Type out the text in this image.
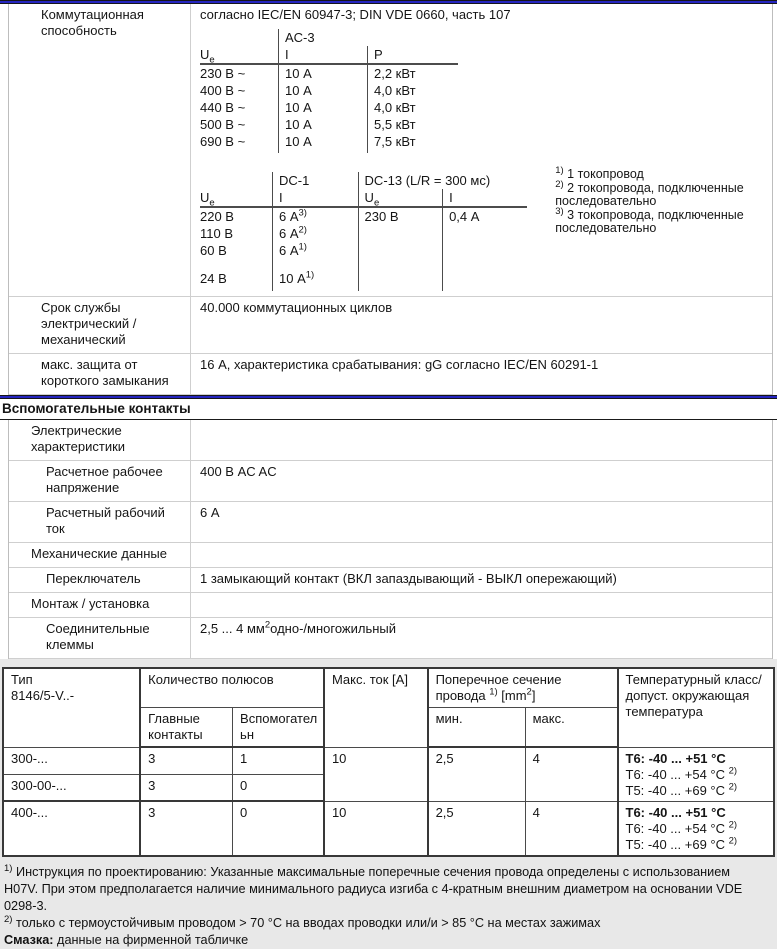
Коммутационная способность
согласно IEC/EN 60947-3; DIN VDE 0660, часть 107
	AC-3	
$U_e$	I	P
230 В ~	10 А	2,2 кВт
400 В ~	10 А	4,0 кВт
440 В ~	10 А	4,0 кВт
500 В ~	10 А	5,5 кВт
690 В ~	10 А	7,5 кВт
	DC-1	DC-13 (L/R = 300 мс)	
$U_e$	I	$U_e$	I
220 В	6 $А^{3)}$	230 В	0,4 А
110 В	6 $А^{2)}$		
60 В	6 $А^{1)}$		
24 В	10 $А^{1)}$		
$^{1)}$ 1 токопровод
$^{2)}$ 2 токопровода, подключенные последовательно
$^{3)}$ 3 токопровода, подключенные последовательно
Срок службы электрический / механический
40.000 коммутационных циклов
макс. защита от короткого замыкания
16 А, характеристика срабатывания: gG согласно IEC/EN 60291-1
Вспомогательные контакты
Электрические характеристики
Расчетное рабочее напряжение
400 В AC AC
Расчетный рабочий ток
6 А
Механические данные
Переключатель	1 замыкающий контакт (ВКЛ запаздывающий - ВЫКЛ опережающий)
Монтаж / установка
Соединительные клеммы
2,5 ... 4 $мм^2одно-$/многожильный
Тип
8146/5-V..-	Количество полюсов		Макс. ток [А]	Поперечное сечение провода $^{1)}$ $[mm^2]$		Температурный класс/ допуст. окружающая температура
	Главные контакты	Вспомогательн		мин.	макс.	
300-...	3	1	10	2,5	4	T6: -40 ... +51 °C
T6: -40 ... +54 °C $^{2)}$
T5: -40 ... +69 °C $^{2)}$

300-00-...	3	0				
400-...	3	0	10	2,5	4	T6: -40 ... +51 °C
T6: -40 ... +54 °C $^{2)}$
T5: -40 ... +69 °C $^{2)}$
$^{1)}$ Инструкция по проектированию: Указанные максимальные поперечные сечения провода определены с использованием H07V. При этом предполагается наличие минимального радиуса изгиба с 4-кратным внешним диаметром на основании VDE 0298-3.
$^{2)}$ только с термоустойчивым проводом > 70 °C на вводах проводки или/и > 85 °C на местах зажимах
Смазка: данные на фирменной табличке
